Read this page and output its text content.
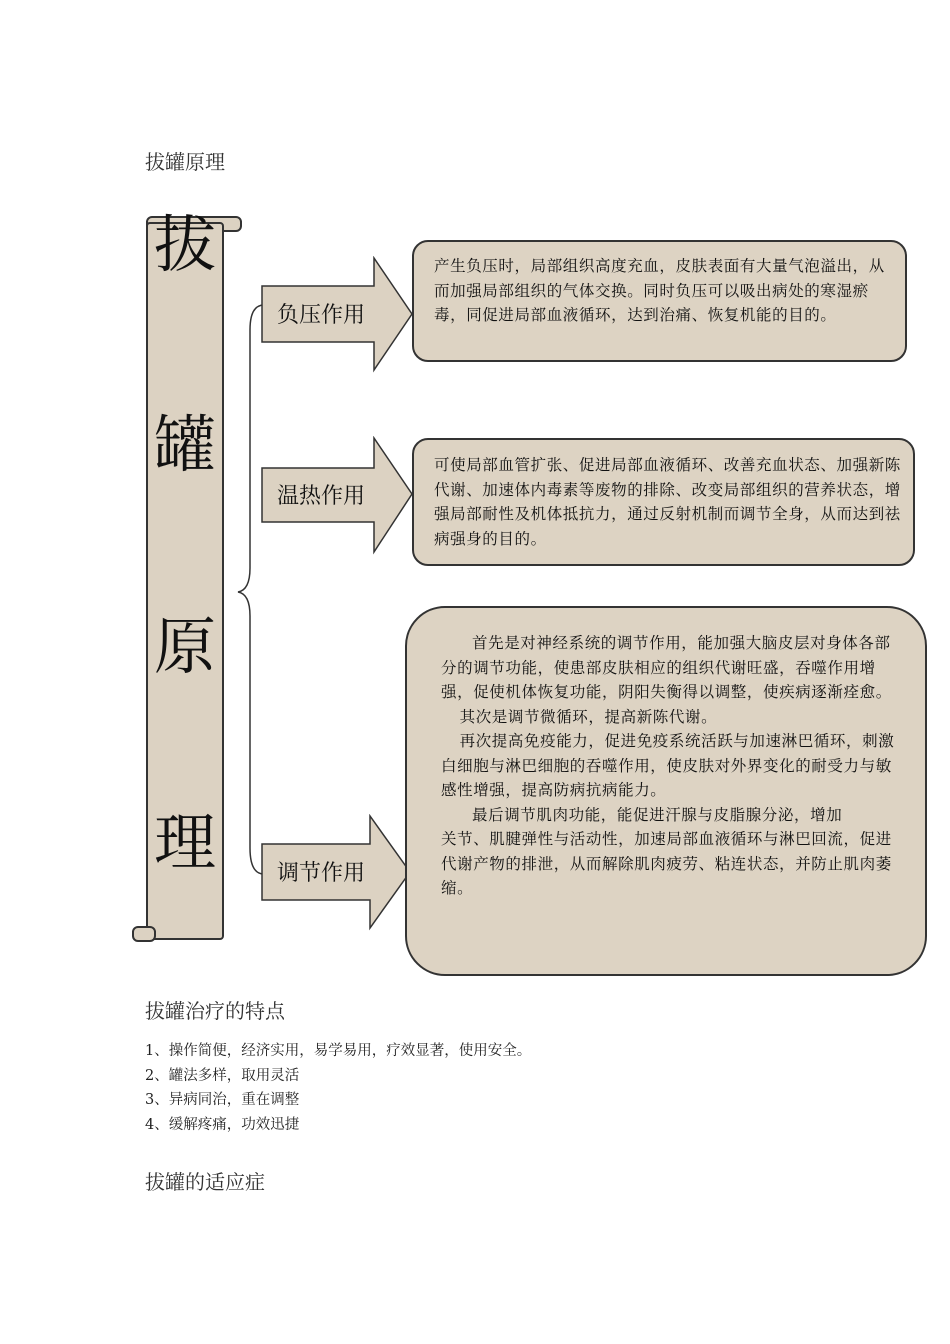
拔罐原理
拔
罐
原
理
负压作用
温热作用
调节作用

产生负压时，局部组织高度充血，皮肤表面有大量气泡溢出，从而加强局部组织的气体交换。同时负压可以吸出病处的寒湿瘀毒，同促进局部血液循环，达到治痛、恢复机能的目的。

可使局部血管扩张、促进局部血液循环、改善充血状态、加强新陈代谢、加速体内毒素等废物的排除、改变局部组织的营养状态，增强局部耐性及机体抵抗力，通过反射机制而调节全身，从而达到祛病强身的目的。

首先是对神经系统的调节作用，能加强大脑皮层对身体各部分的调节功能，使患部皮肤相应的组织代谢旺盛，吞噬作用增强，促使机体恢复功能，阴阳失衡得以调整，使疾病逐渐痊愈。

其次是调节微循环，提高新陈代谢。

再次提高免疫能力，促进免疫系统活跃与加速淋巴循环，刺激白细胞与淋巴细胞的吞噬作用，使皮肤对外界变化的耐受力与敏感性增强，提高防病抗病能力。

最后调节肌肉功能，能促进汗腺与皮脂腺分泌，增加

关节、肌腱弹性与活动性，加速局部血液循环与淋巴回流，促进代谢产物的排泄，从而解除肌肉疲劳、粘连状态，并防止肌肉萎缩。

拔罐治疗的特点
1、操作简便，经济实用，易学易用，疗效显著，使用安全。
2、罐法多样，取用灵活
3、异病同治，重在调整
4、缓解疼痛，功效迅捷
拔罐的适应症
